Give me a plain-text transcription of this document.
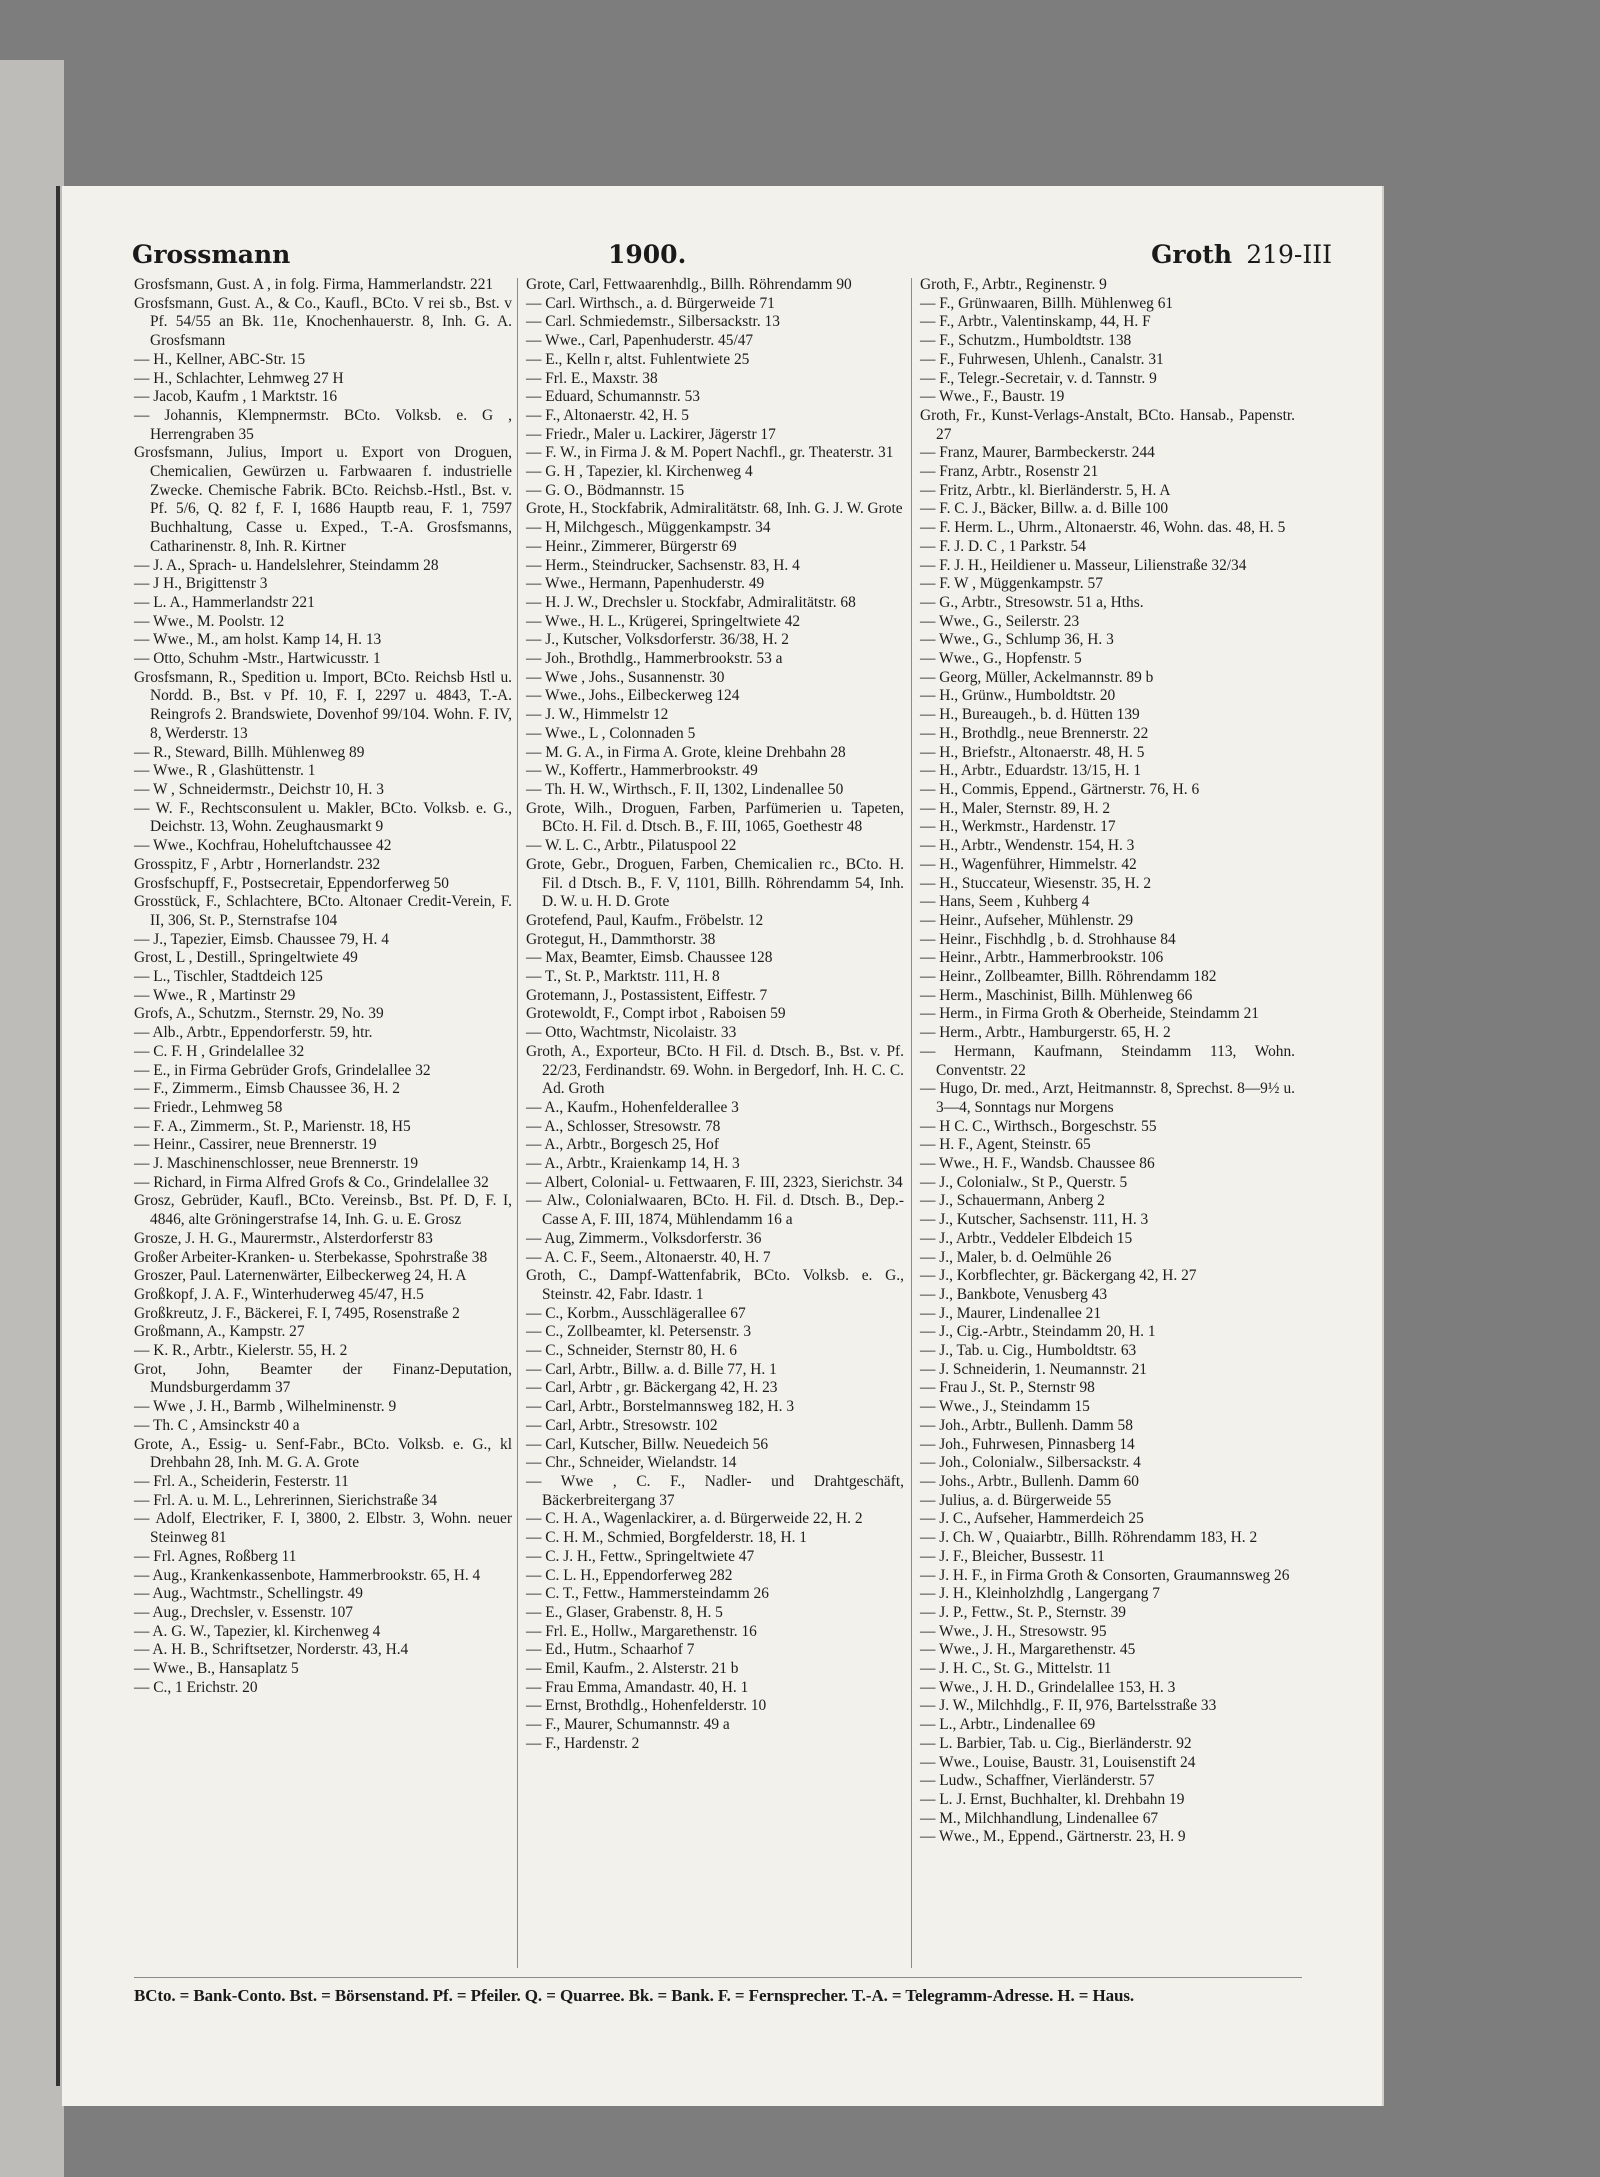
Grossmann	1900.	Groth 219-III

Grosfsmann, Gust. A , in folg. Firma, Hammerlandstr. 221

Grosfsmann, Gust. A., & Co., Kaufl., BCto. V rei sb., Bst. v Pf. 54/55 an Bk. 11e, Knochenhauerstr. 8, Inh. G. A. Grosfsmann

— H., Kellner, ABC-Str. 15

— H., Schlachter, Lehmweg 27 H

— Jacob, Kaufm , 1 Marktstr. 16

— Johannis, Klempnermstr. BCto. Volksb. e. G , Herrengraben 35

Grosfsmann, Julius, Import u. Export von Droguen, Chemicalien, Gewürzen u. Farbwaaren f. industrielle Zwecke. Chemische Fabrik. BCto. Reichsb.-Hstl., Bst. v. Pf. 5/6, Q. 82 f, F. I, 1686 Hauptb reau, F. 1, 7597 Buchhaltung, Casse u. Exped., T.-A. Grosfsmanns, Catharinenstr. 8, Inh. R. Kirtner

— J. A., Sprach- u. Handelslehrer, Steindamm 28

— J H., Brigittenstr 3

— L. A., Hammerlandstr 221

— Wwe., M. Poolstr. 12

— Wwe., M., am holst. Kamp 14, H. 13

— Otto, Schuhm -Mstr., Hartwicusstr. 1

Grosfsmann, R., Spedition u. Import, BCto. Reichsb Hstl u. Nordd. B., Bst. v Pf. 10, F. I, 2297 u. 4843, T.-A. Reingrofs 2. Brandswiete, Dovenhof 99/104. Wohn. F. IV, 8, Werderstr. 13

— R., Steward, Billh. Mühlenweg 89

— Wwe., R , Glashüttenstr. 1

— W , Schneidermstr., Deichstr 10, H. 3

— W. F., Rechtsconsulent u. Makler, BCto. Volksb. e. G., Deichstr. 13, Wohn. Zeughausmarkt 9

— Wwe., Kochfrau, Hoheluftchaussee 42

Grosspitz, F , Arbtr , Hornerlandstr. 232

Grosfschupff, F., Postsecretair, Eppendorferweg 50

Grosstück, F., Schlachtere, BCto. Altonaer Credit-Verein, F. II, 306, St. P., Sternstrafse 104

— J., Tapezier, Eimsb. Chaussee 79, H. 4

Grost, L , Destill., Springeltwiete 49

— L., Tischler, Stadtdeich 125

— Wwe., R , Martinstr 29

Grofs, A., Schutzm., Sternstr. 29, No. 39

— Alb., Arbtr., Eppendorferstr. 59, htr.

— C. F. H , Grindelallee 32

— E., in Firma Gebrüder Grofs, Grindelallee 32

— F., Zimmerm., Eimsb Chaussee 36, H. 2

— Friedr., Lehmweg 58

— F. A., Zimmerm., St. P., Marienstr. 18, H5

— Heinr., Cassirer, neue Brennerstr. 19

— J. Maschinenschlosser, neue Brennerstr. 19

— Richard, in Firma Alfred Grofs & Co., Grindelallee 32

Grosz, Gebrüder, Kaufl., BCto. Vereinsb., Bst. Pf. D, F. I, 4846, alte Gröningerstrafse 14, Inh. G. u. E. Grosz

Grosze, J. H. G., Maurermstr., Alsterdorferstr 83

Großer Arbeiter-Kranken- u. Sterbekasse, Spohrstraße 38

Groszer, Paul. Laternenwärter, Eilbeckerweg 24, H. A

Großkopf, J. A. F., Winterhuderweg 45/47, H.5

Großkreutz, J. F., Bäckerei, F. I, 7495, Rosenstraße 2

Großmann, A., Kampstr. 27

— K. R., Arbtr., Kielerstr. 55, H. 2

Grot, John, Beamter der Finanz-Deputation, Mundsburgerdamm 37

— Wwe , J. H., Barmb , Wilhelminenstr. 9

— Th. C , Amsinckstr 40 a

Grote, A., Essig- u. Senf-Fabr., BCto. Volksb. e. G., kl Drehbahn 28, Inh. M. G. A. Grote

— Frl. A., Scheiderin, Festerstr. 11

— Frl. A. u. M. L., Lehrerinnen, Sierichstraße 34

— Adolf, Electriker, F. I, 3800, 2. Elbstr. 3, Wohn. neuer Steinweg 81

— Frl. Agnes, Roßberg 11

— Aug., Krankenkassenbote, Hammerbrookstr. 65, H. 4

— Aug., Wachtmstr., Schellingstr. 49

— Aug., Drechsler, v. Essenstr. 107

— A. G. W., Tapezier, kl. Kirchenweg 4

— A. H. B., Schriftsetzer, Norderstr. 43, H.4

— Wwe., B., Hansaplatz 5

— C., 1 Erichstr. 20

Grote, Carl, Fettwaarenhdlg., Billh. Röhrendamm 90

— Carl. Wirthsch., a. d. Bürgerweide 71

— Carl. Schmiedemstr., Silbersackstr. 13

— Wwe., Carl, Papenhuderstr. 45/47

— E., Kelln r, altst. Fuhlentwiete 25

— Frl. E., Maxstr. 38

— Eduard, Schumannstr. 53

— F., Altonaerstr. 42, H. 5

— Friedr., Maler u. Lackirer, Jägerstr 17

— F. W., in Firma J. & M. Popert Nachfl., gr. Theaterstr. 31

— G. H , Tapezier, kl. Kirchenweg 4

— G. O., Bödmannstr. 15

Grote, H., Stockfabrik, Admiralitätstr. 68, Inh. G. J. W. Grote

— H, Milchgesch., Müggenkampstr. 34

— Heinr., Zimmerer, Bürgerstr 69

— Herm., Steindrucker, Sachsenstr. 83, H. 4

— Wwe., Hermann, Papenhuderstr. 49

— H. J. W., Drechsler u. Stockfabr, Admiralitätstr. 68

— Wwe., H. L., Krügerei, Springeltwiete 42

— J., Kutscher, Volksdorferstr. 36/38, H. 2

— Joh., Brothdlg., Hammerbrookstr. 53 a

— Wwe , Johs., Susannenstr. 30

— Wwe., Johs., Eilbeckerweg 124

— J. W., Himmelstr 12

— Wwe., L , Colonnaden 5

— M. G. A., in Firma A. Grote, kleine Drehbahn 28

— W., Koffertr., Hammerbrookstr. 49

— Th. H. W., Wirthsch., F. II, 1302, Lindenallee 50

Grote, Wilh., Droguen, Farben, Parfümerien u. Tapeten, BCto. H. Fil. d. Dtsch. B., F. III, 1065, Goethestr 48

— W. L. C., Arbtr., Pilatuspool 22

Grote, Gebr., Droguen, Farben, Chemicalien rc., BCto. H. Fil. d Dtsch. B., F. V, 1101, Billh. Röhrendamm 54, Inh. D. W. u. H. D. Grote

Grotefend, Paul, Kaufm., Fröbelstr. 12

Grotegut, H., Dammthorstr. 38

— Max, Beamter, Eimsb. Chaussee 128

— T., St. P., Marktstr. 111, H. 8

Grotemann, J., Postassistent, Eiffestr. 7

Grotewoldt, F., Compt irbot , Raboisen 59

— Otto, Wachtmstr, Nicolaistr. 33

Groth, A., Exporteur, BCto. H Fil. d. Dtsch. B., Bst. v. Pf. 22/23, Ferdinandstr. 69. Wohn. in Bergedorf, Inh. H. C. C. Ad. Groth

— A., Kaufm., Hohenfelderallee 3

— A., Schlosser, Stresowstr. 78

— A., Arbtr., Borgesch 25, Hof

— A., Arbtr., Kraienkamp 14, H. 3

— Albert, Colonial- u. Fettwaaren, F. III, 2323, Sierichstr. 34

— Alw., Colonialwaaren, BCto. H. Fil. d. Dtsch. B., Dep.-Casse A, F. III, 1874, Mühlendamm 16 a

— Aug, Zimmerm., Volksdorferstr. 36

— A. C. F., Seem., Altonaerstr. 40, H. 7

Groth, C., Dampf-Wattenfabrik, BCto. Volksb. e. G., Steinstr. 42, Fabr. Idastr. 1

— C., Korbm., Ausschlägerallee 67

— C., Zollbeamter, kl. Petersenstr. 3

— C., Schneider, Sternstr 80, H. 6

— Carl, Arbtr., Billw. a. d. Bille 77, H. 1

— Carl, Arbtr , gr. Bäckergang 42, H. 23

— Carl, Arbtr., Borstelmannsweg 182, H. 3

— Carl, Arbtr., Stresowstr. 102

— Carl, Kutscher, Billw. Neuedeich 56

— Chr., Schneider, Wielandstr. 14

— Wwe , C. F., Nadler- und Drahtgeschäft, Bäckerbreitergang 37

— C. H. A., Wagenlackirer, a. d. Bürgerweide 22, H. 2

— C. H. M., Schmied, Borgfelderstr. 18, H. 1

— C. J. H., Fettw., Springeltwiete 47

— C. L. H., Eppendorferweg 282

— C. T., Fettw., Hammersteindamm 26

— E., Glaser, Grabenstr. 8, H. 5

— Frl. E., Hollw., Margarethenstr. 16

— Ed., Hutm., Schaarhof 7

— Emil, Kaufm., 2. Alsterstr. 21 b

— Frau Emma, Amandastr. 40, H. 1

— Ernst, Brothdlg., Hohenfelderstr. 10

— F., Maurer, Schumannstr. 49 a

— F., Hardenstr. 2

Groth, F., Arbtr., Reginenstr. 9

— F., Grünwaaren, Billh. Mühlenweg 61

— F., Arbtr., Valentinskamp, 44, H. F

— F., Schutzm., Humboldtstr. 138

— F., Fuhrwesen, Uhlenh., Canalstr. 31

— F., Telegr.-Secretair, v. d. Tannstr. 9

— Wwe., F., Baustr. 19

Groth, Fr., Kunst-Verlags-Anstalt, BCto. Hansab., Papenstr. 27

— Franz, Maurer, Barmbeckerstr. 244

— Franz, Arbtr., Rosenstr 21

— Fritz, Arbtr., kl. Bierländerstr. 5, H. A

— F. C. J., Bäcker, Billw. a. d. Bille 100

— F. Herm. L., Uhrm., Altonaerstr. 46, Wohn. das. 48, H. 5

— F. J. D. C , 1 Parkstr. 54

— F. J. H., Heildiener u. Masseur, Lilienstraße 32/34

— F. W , Müggenkampstr. 57

— G., Arbtr., Stresowstr. 51 a, Hths.

— Wwe., G., Seilerstr. 23

— Wwe., G., Schlump 36, H. 3

— Wwe., G., Hopfenstr. 5

— Georg, Müller, Ackelmannstr. 89 b

— H., Grünw., Humboldtstr. 20

— H., Bureaugeh., b. d. Hütten 139

— H., Brothdlg., neue Brennerstr. 22

— H., Briefstr., Altonaerstr. 48, H. 5

— H., Arbtr., Eduardstr. 13/15, H. 1

— H., Commis, Eppend., Gärtnerstr. 76, H. 6

— H., Maler, Sternstr. 89, H. 2

— H., Werkmstr., Hardenstr. 17

— H., Arbtr., Wendenstr. 154, H. 3

— H., Wagenführer, Himmelstr. 42

— H., Stuccateur, Wiesenstr. 35, H. 2

— Hans, Seem , Kuhberg 4

— Heinr., Aufseher, Mühlenstr. 29

— Heinr., Fischhdlg , b. d. Strohhause 84

— Heinr., Arbtr., Hammerbrookstr. 106

— Heinr., Zollbeamter, Billh. Röhrendamm 182

— Herm., Maschinist, Billh. Mühlenweg 66

— Herm., in Firma Groth & Oberheide, Steindamm 21

— Herm., Arbtr., Hamburgerstr. 65, H. 2

— Hermann, Kaufmann, Steindamm 113, Wohn. Conventstr. 22

— Hugo, Dr. med., Arzt, Heitmannstr. 8, Sprechst. 8—9½ u. 3—4, Sonntags nur Morgens

— H C. C., Wirthsch., Borgeschstr. 55

— H. F., Agent, Steinstr. 65

— Wwe., H. F., Wandsb. Chaussee 86

— J., Colonialw., St P., Querstr. 5

— J., Schauermann, Anberg 2

— J., Kutscher, Sachsenstr. 111, H. 3

— J., Arbtr., Veddeler Elbdeich 15

— J., Maler, b. d. Oelmühle 26

— J., Korbflechter, gr. Bäckergang 42, H. 27

— J., Bankbote, Venusberg 43

— J., Maurer, Lindenallee 21

— J., Cig.-Arbtr., Steindamm 20, H. 1

— J., Tab. u. Cig., Humboldtstr. 63

— J. Schneiderin, 1. Neumannstr. 21

— Frau J., St. P., Sternstr 98

— Wwe., J., Steindamm 15

— Joh., Arbtr., Bullenh. Damm 58

— Joh., Fuhrwesen, Pinnasberg 14

— Joh., Colonialw., Silbersackstr. 4

— Johs., Arbtr., Bullenh. Damm 60

— Julius, a. d. Bürgerweide 55

— J. C., Aufseher, Hammerdeich 25

— J. Ch. W , Quaiarbtr., Billh. Röhrendamm 183, H. 2

— J. F., Bleicher, Bussestr. 11

— J. H. F., in Firma Groth & Consorten, Graumannsweg 26

— J. H., Kleinholzhdlg , Langergang 7

— J. P., Fettw., St. P., Sternstr. 39

— Wwe., J. H., Stresowstr. 95

— Wwe., J. H., Margarethenstr. 45

— J. H. C., St. G., Mittelstr. 11

— Wwe., J. H. D., Grindelallee 153, H. 3

— J. W., Milchhdlg., F. II, 976, Bartelsstraße 33

— L., Arbtr., Lindenallee 69

— L. Barbier, Tab. u. Cig., Bierländerstr. 92

— Wwe., Louise, Baustr. 31, Louisenstift 24

— Ludw., Schaffner, Vierländerstr. 57

— L. J. Ernst, Buchhalter, kl. Drehbahn 19

— M., Milchhandlung, Lindenallee 67

— Wwe., M., Eppend., Gärtnerstr. 23, H. 9

BCto. = Bank-Conto. Bst. = Börsenstand. Pf. = Pfeiler. Q. = Quarree. Bk. = Bank. F. = Fernsprecher. T.-A. = Telegramm-Adresse. H. = Haus.
